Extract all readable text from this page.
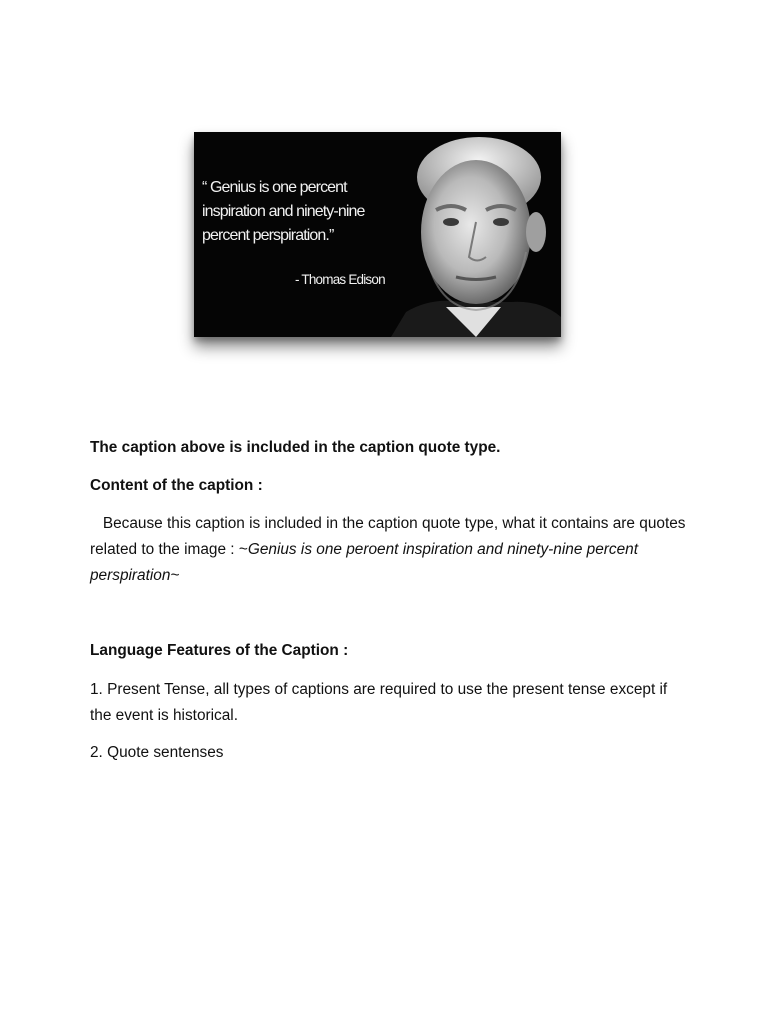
“ Genius is one percent
inspiration and ninety-nine
percent perspiration.”
- Thomas Edison

The caption above is included in the caption quote type.

Content of the caption :

Because this caption is included in the caption quote type, what it contains are quotes related to the image : ~Genius is one peroent inspiration and ninety-nine percent perspiration~

Language Features of the Caption :

1. Present Tense, all types of captions are required to use the present tense except if the event is historical.

2. Quote sentenses
